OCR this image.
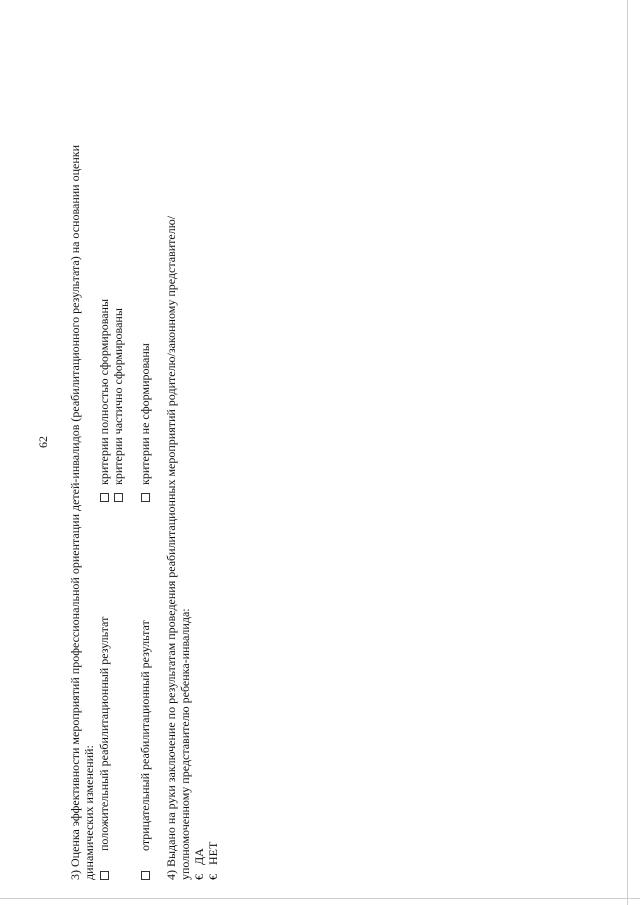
62 3) Оценка эффективности мероприятий профессиональной ориентации детей-инвалидов (реабилитационного результата) на основании оценки динамических изменений: положительный реабилитационный результат
критерии полностью сформированы критерии частично сформированы
отрицательный реабилитационный результат
критерии не сформированы 4) Выдано на руки заключение по результатам проведения реабилитационных мероприятий родителю/законному представителю/ уполномоченному представителю ребенка-инвалида: € ДА
€ НЕТ
